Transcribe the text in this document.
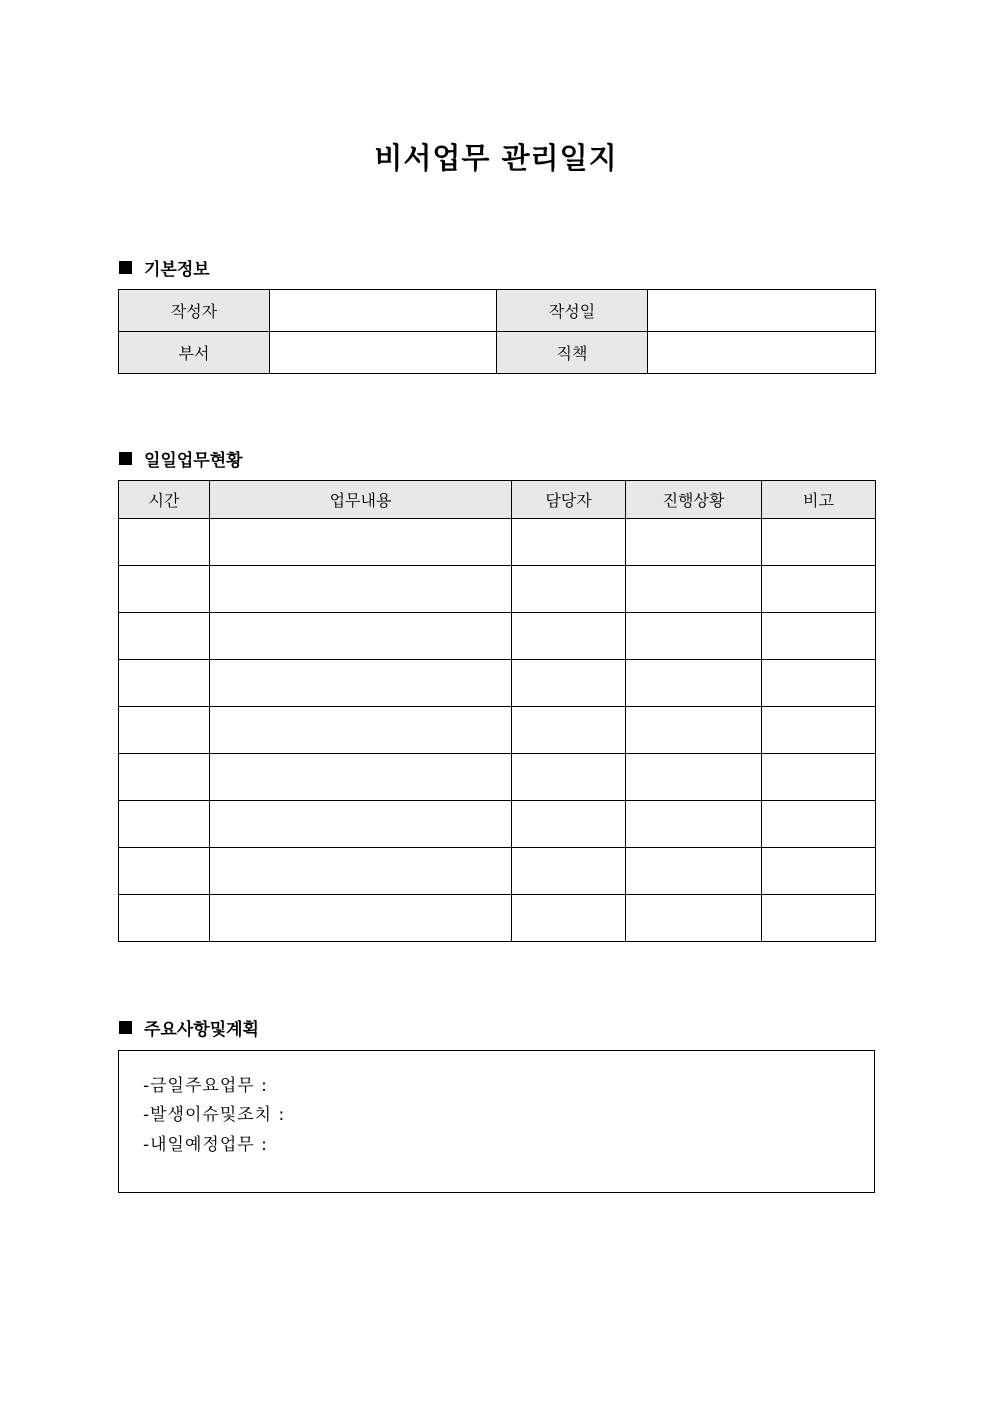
비서업무 관리일지
기본정보
작성자		작성일	
부서		직책	
일일업무현황
시간	업무내용	담당자	진행상황	비고

주요사항및계획
-금일주요업무 :
-발생이슈및조치 :
-내일예정업무 :
